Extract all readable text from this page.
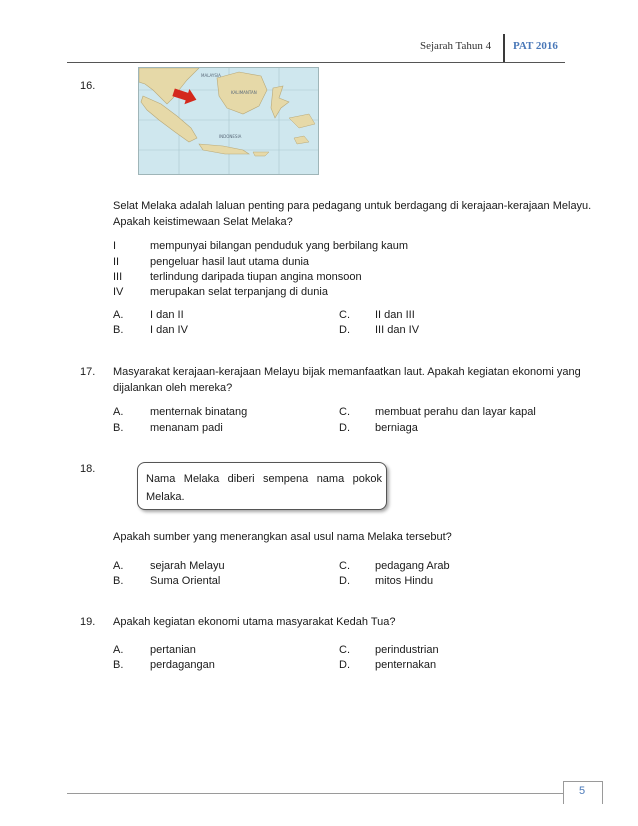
Sejarah Tahun 4 PAT 2016
16.
MALAYSIA
KALIMANTAN
INDONESIA
Selat Melaka adalah laluan penting para pedagang untuk berdagang di kerajaan-kerajaan Melayu.
Apakah keistimewaan Selat Melaka?
I	mempunyai bilangan penduduk yang berbilang kaum
II	pengeluar hasil laut utama dunia
III	terlindung daripada tiupan angina monsoon
IV merupakan selat terpanjang di dunia
A. I dan II	C. II dan III
B. I dan IV	D. III dan IV
17. Masyarakat kerajaan-kerajaan Melayu bijak memanfaatkan laut. Apakah kegiatan ekonomi yang
dijalankan oleh mereka?
A. menternak binatang	C. membuat perahu dan layar kapal
B. menanam padi	D. berniaga
18.
Nama Melaka diberi sempena nama pokok
Melaka.
Apakah sumber yang menerangkan asal usul nama Melaka tersebut?
A. sejarah Melayu	C. pedagang Arab
B. Suma Oriental	D. mitos Hindu
19. Apakah kegiatan ekonomi utama masyarakat Kedah Tua?
A. pertanian	C. perindustrian
B. perdagangan	D. penternakan
5
